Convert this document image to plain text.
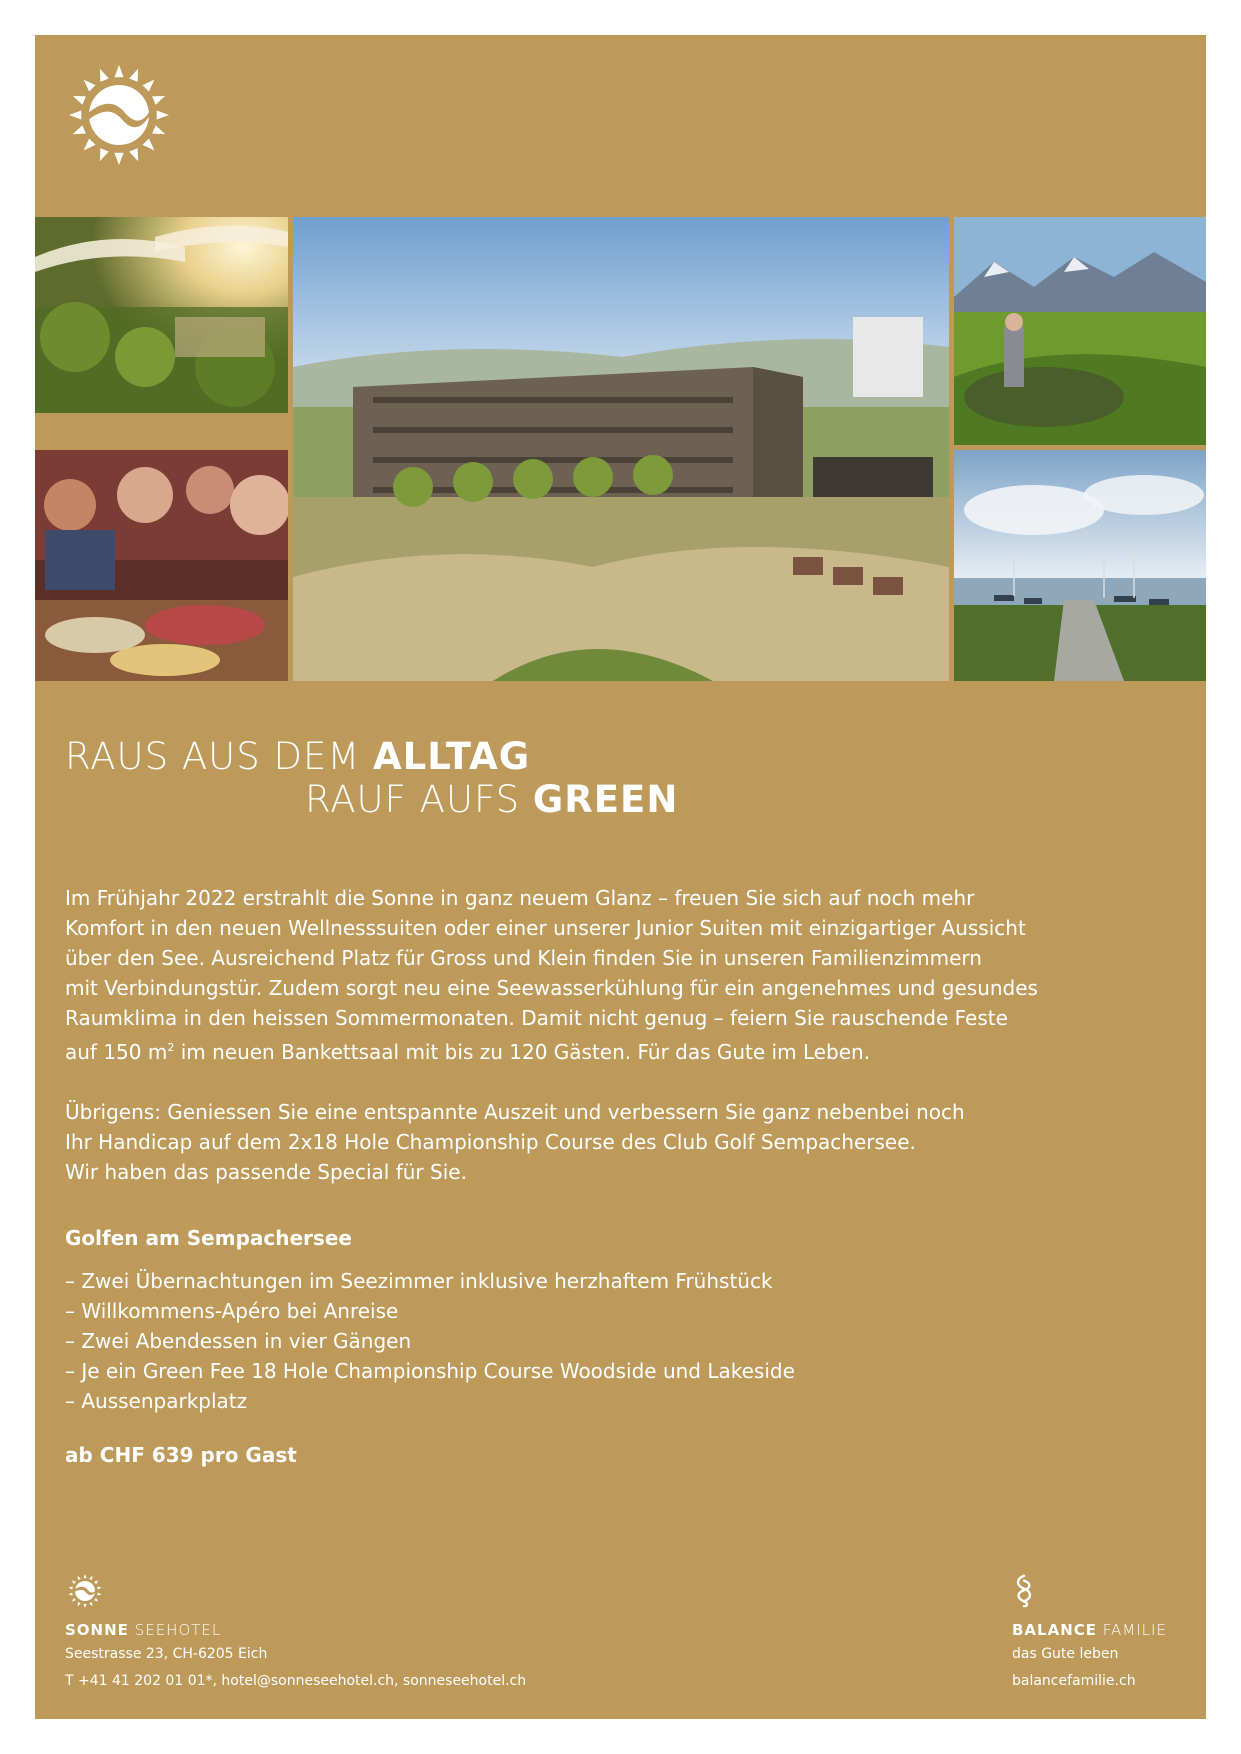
RAUS AUS DEM ALLTAG
RAUF AUFS GREEN

Im Frühjahr 2022 erstrahlt die Sonne in ganz neuem Glanz – freuen Sie sich auf noch mehr
Komfort in den neuen Wellnesssuiten oder einer unserer Junior Suiten mit einzigartiger Aussicht
über den See. Ausreichend Platz für Gross und Klein finden Sie in unseren Familienzimmern
mit Verbindungstür. Zudem sorgt neu eine Seewasserkühlung für ein angenehmes und gesundes
Raumklima in den heissen Sommermonaten. Damit nicht genug – feiern Sie rauschende Feste
auf 150 $m^2$ im neuen Bankettsaal mit bis zu 120 Gästen. Für das Gute im Leben.

Übrigens: Geniessen Sie eine entspannte Auszeit und verbessern Sie ganz nebenbei noch
Ihr Handicap auf dem 2x18 Hole Championship Course des Club Golf Sempachersee.
Wir haben das passende Special für Sie.

Golfen am Sempachersee

– Zwei Übernachtungen im Seezimmer inklusive herzhaftem Frühstück
– Willkommens-Apéro bei Anreise
– Zwei Abendessen in vier Gängen
– Je ein Green Fee 18 Hole Championship Course Woodside und Lakeside
– Aussenparkplatz

ab CHF 639 pro Gast

SONNE SEEHOTEL
Seestrasse 23, CH-6205 Eich
T +41 41 202 01 01*, hotel@sonneseehotel.ch, sonneseehotel.ch
BALANCE FAMILIE
das Gute leben
balancefamilie.ch
